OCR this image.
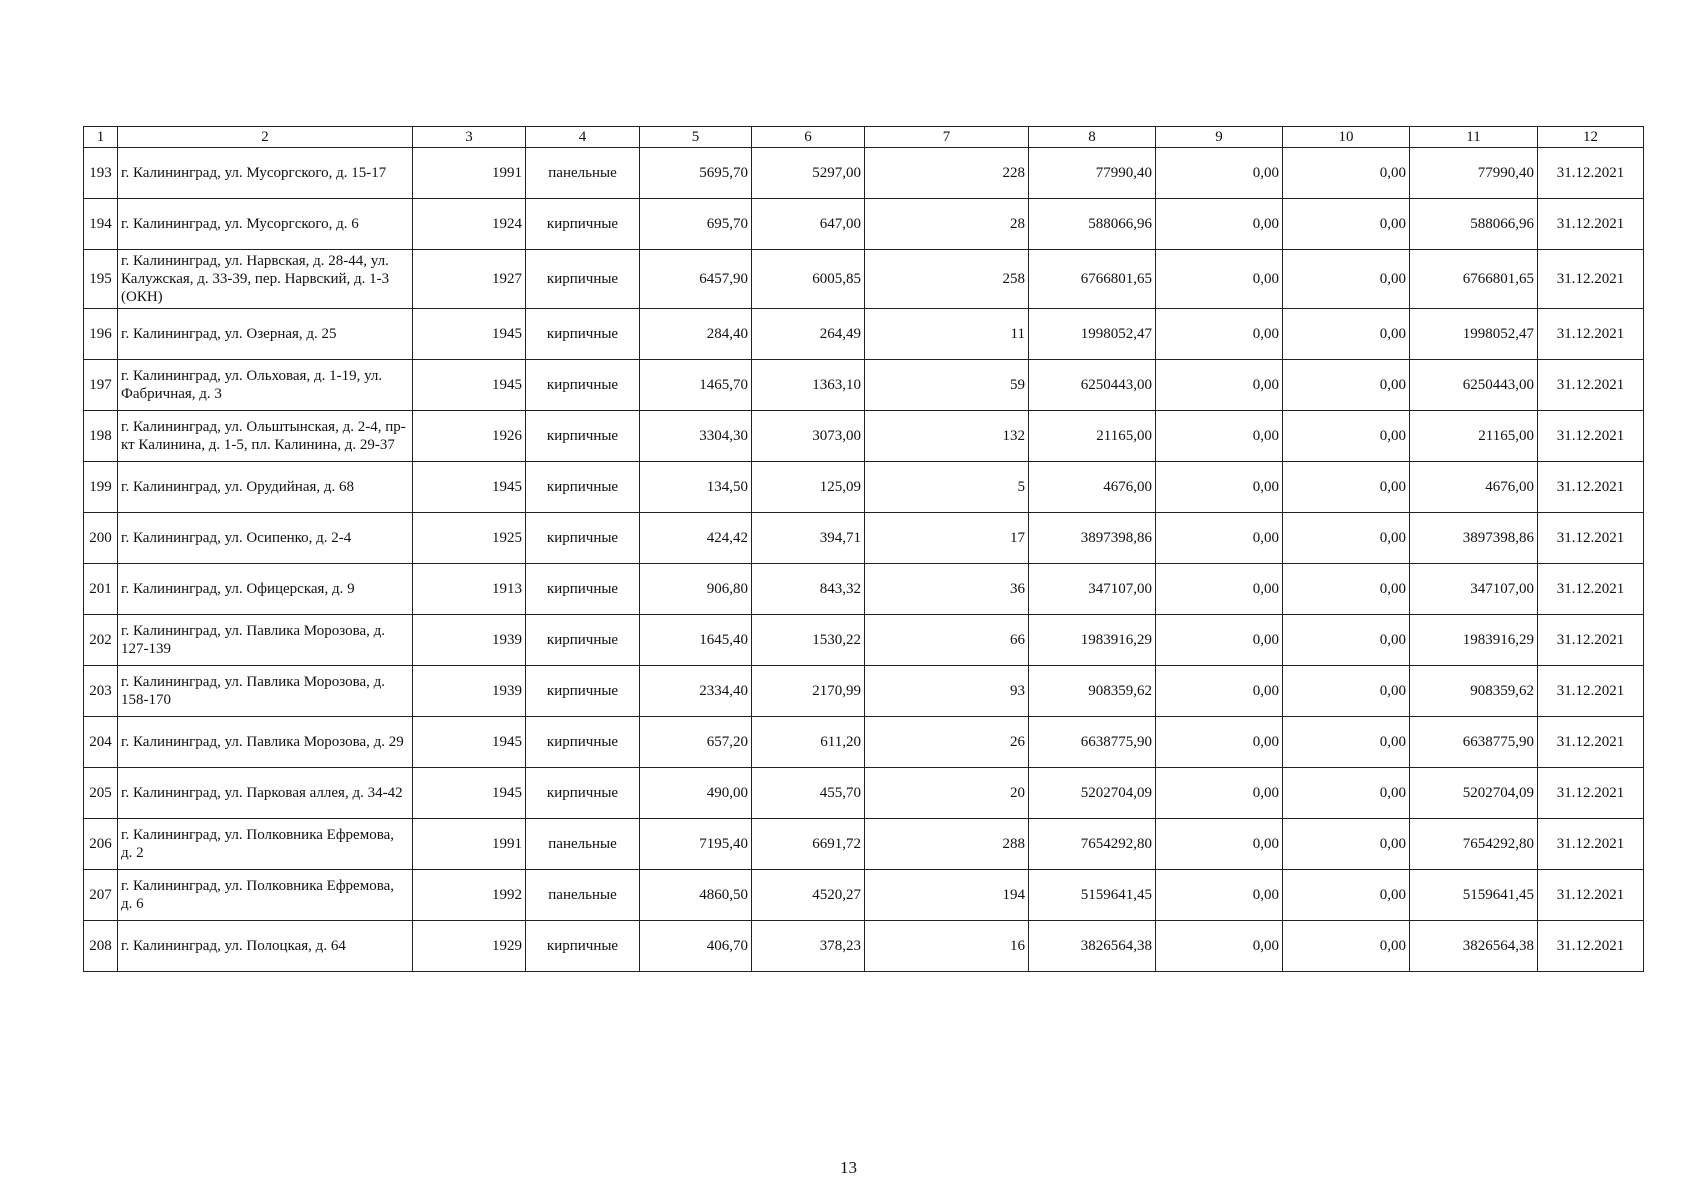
1	2	3	4	5	6	7	8	9	10	11	12
193	г. Калининград, ул. Мусоргского, д. 15-17	1991	панельные	5695,70	5297,00	228	77990,40	0,00	0,00	77990,40	31.12.2021
194	г. Калининград, ул. Мусоргского, д. 6	1924	кирпичные	695,70	647,00	28	588066,96	0,00	0,00	588066,96	31.12.2021
195	г. Калининград, ул. Нарвская, д. 28-44, ул. Калужская, д. 33-39, пер. Нарвский, д. 1-3 (ОКН)	1927	кирпичные	6457,90	6005,85	258	6766801,65	0,00	0,00	6766801,65	31.12.2021
196	г. Калининград, ул. Озерная, д. 25	1945	кирпичные	284,40	264,49	11	1998052,47	0,00	0,00	1998052,47	31.12.2021
197	г. Калининград, ул. Ольховая, д. 1-19, ул. Фабричная, д. 3	1945	кирпичные	1465,70	1363,10	59	6250443,00	0,00	0,00	6250443,00	31.12.2021
198	г. Калининград, ул. Ольштынская, д. 2-4, пр-кт Калинина, д. 1-5, пл. Калинина, д. 29-37	1926	кирпичные	3304,30	3073,00	132	21165,00	0,00	0,00	21165,00	31.12.2021
199	г. Калининград, ул. Орудийная, д. 68	1945	кирпичные	134,50	125,09	5	4676,00	0,00	0,00	4676,00	31.12.2021
200	г. Калининград, ул. Осипенко, д. 2-4	1925	кирпичные	424,42	394,71	17	3897398,86	0,00	0,00	3897398,86	31.12.2021
201	г. Калининград, ул. Офицерская, д. 9	1913	кирпичные	906,80	843,32	36	347107,00	0,00	0,00	347107,00	31.12.2021
202	г. Калининград, ул. Павлика Морозова, д. 127-139	1939	кирпичные	1645,40	1530,22	66	1983916,29	0,00	0,00	1983916,29	31.12.2021
203	г. Калининград, ул. Павлика Морозова, д. 158-170	1939	кирпичные	2334,40	2170,99	93	908359,62	0,00	0,00	908359,62	31.12.2021
204	г. Калининград, ул. Павлика Морозова, д. 29	1945	кирпичные	657,20	611,20	26	6638775,90	0,00	0,00	6638775,90	31.12.2021
205	г. Калининград, ул. Парковая аллея, д. 34-42	1945	кирпичные	490,00	455,70	20	5202704,09	0,00	0,00	5202704,09	31.12.2021
206	г. Калининград, ул. Полковника Ефремова, д. 2	1991	панельные	7195,40	6691,72	288	7654292,80	0,00	0,00	7654292,80	31.12.2021
207	г. Калининград, ул. Полковника Ефремова, д. 6	1992	панельные	4860,50	4520,27	194	5159641,45	0,00	0,00	5159641,45	31.12.2021
208	г. Калининград, ул. Полоцкая, д. 64	1929	кирпичные	406,70	378,23	16	3826564,38	0,00	0,00	3826564,38	31.12.2021
13
